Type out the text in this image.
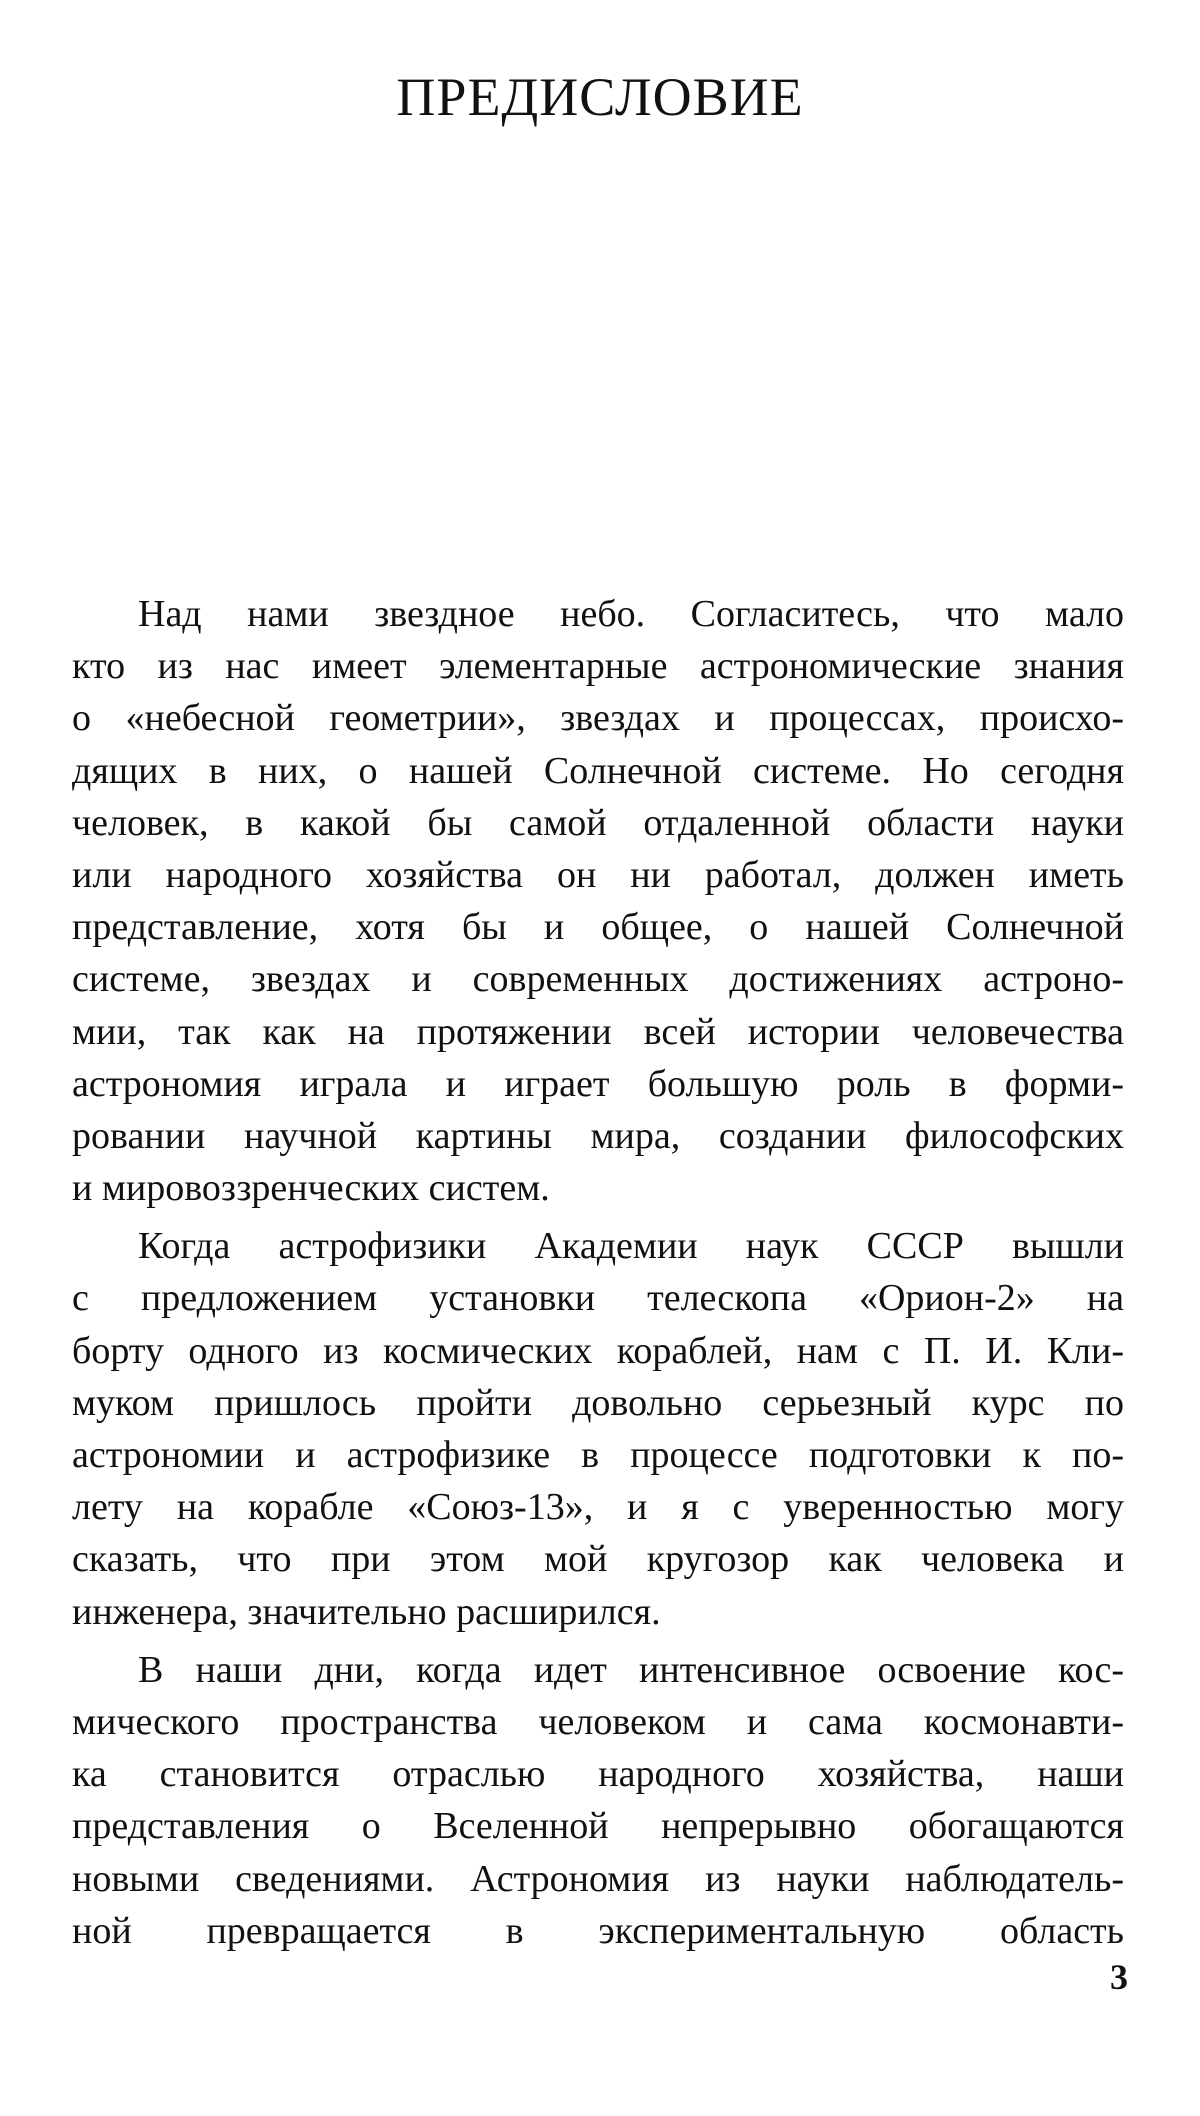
ПРЕДИСЛОВИЕ
Над нами звездное небо. Согласитесь, что мало
кто из нас имеет элементарные астрономические знания
о «небесной геометрии», звездах и процессах, происхо-
дящих в них, о нашей Солнечной системе. Но сегодня
человек, в какой бы самой отдаленной области науки
или народного хозяйства он ни работал, должен иметь
представление, хотя бы и общее, о нашей Солнечной
системе, звездах и современных достижениях астроно-
мии, так как на протяжении всей истории человечества
астрономия играла и играет большую роль в форми-
ровании научной картины мира, создании философских
и мировоззренческих систем.
Когда астрофизики Академии наук СССР вышли
с предложением установки телескопа «Орион-2» на
борту одного из космических кораблей, нам с П. И. Кли-
муком пришлось пройти довольно серьезный курс по
астрономии и астрофизике в процессе подготовки к по-
лету на корабле «Союз-13», и я с уверенностью могу
сказать, что при этом мой кругозор как человека и
инженера, значительно расширился.
В наши дни, когда идет интенсивное освоение кос-
мического пространства человеком и сама космонавти-
ка становится отраслью народного хозяйства, наши
представления о Вселенной непрерывно обогащаются
новыми сведениями. Астрономия из науки наблюдатель-
ной превращается в экспериментальную область
3
